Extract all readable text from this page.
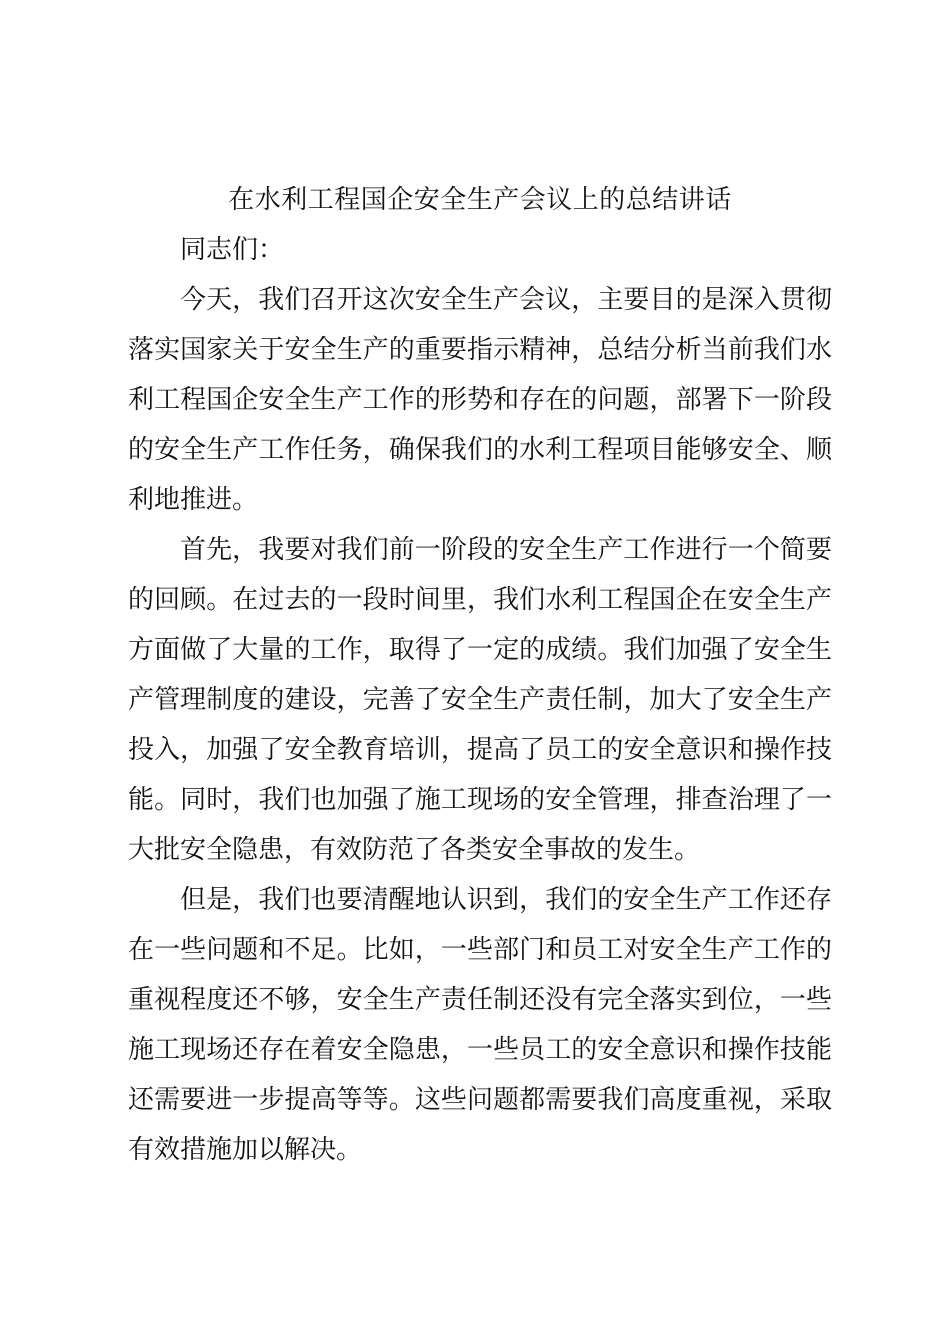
在水利工程国企安全生产会议上的总结讲话

同志们：

今天，我们召开这次安全生产会议，主要目的是深入贯彻落实国家关于安全生产的重要指示精神，总结分析当前我们水利工程国企安全生产工作的形势和存在的问题，部署下一阶段的安全生产工作任务，确保我们的水利工程项目能够安全、顺利地推进。

首先，我要对我们前一阶段的安全生产工作进行一个简要的回顾。在过去的一段时间里，我们水利工程国企在安全生产方面做了大量的工作，取得了一定的成绩。我们加强了安全生产管理制度的建设，完善了安全生产责任制，加大了安全生产投入，加强了安全教育培训，提高了员工的安全意识和操作技能。同时，我们也加强了施工现场的安全管理，排查治理了一大批安全隐患，有效防范了各类安全事故的发生。

但是，我们也要清醒地认识到，我们的安全生产工作还存在一些问题和不足。比如，一些部门和员工对安全生产工作的重视程度还不够，安全生产责任制还没有完全落实到位，一些施工现场还存在着安全隐患，一些员工的安全意识和操作技能还需要进一步提高等等。这些问题都需要我们高度重视，采取有效措施加以解决。
